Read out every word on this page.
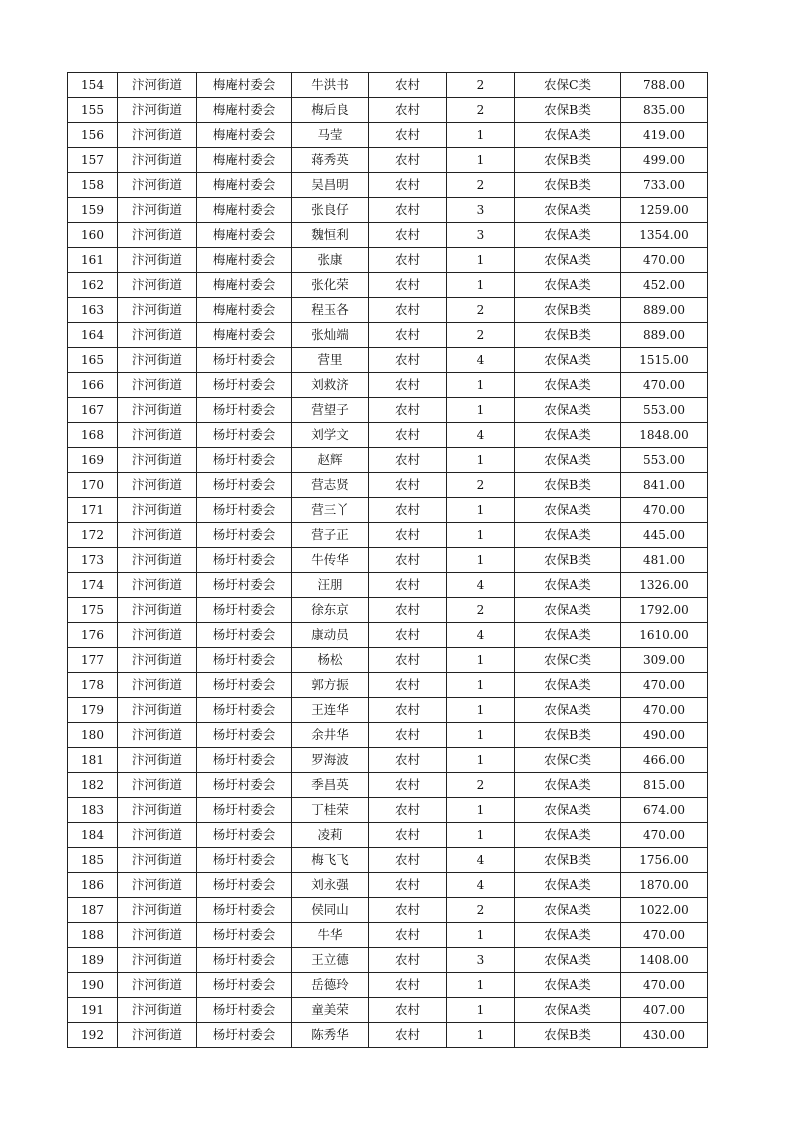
154	汴河街道	梅庵村委会	牛洪书	农村	2	农保C类	788.00
155	汴河街道	梅庵村委会	梅后良	农村	2	农保B类	835.00
156	汴河街道	梅庵村委会	马莹	农村	1	农保A类	419.00
157	汴河街道	梅庵村委会	蒋秀英	农村	1	农保B类	499.00
158	汴河街道	梅庵村委会	吴昌明	农村	2	农保B类	733.00
159	汴河街道	梅庵村委会	张良仔	农村	3	农保A类	1259.00
160	汴河街道	梅庵村委会	魏恒利	农村	3	农保A类	1354.00
161	汴河街道	梅庵村委会	张康	农村	1	农保A类	470.00
162	汴河街道	梅庵村委会	张化荣	农村	1	农保A类	452.00
163	汴河街道	梅庵村委会	程玉各	农村	2	农保B类	889.00
164	汴河街道	梅庵村委会	张灿端	农村	2	农保B类	889.00
165	汴河街道	杨圩村委会	营里	农村	4	农保A类	1515.00
166	汴河街道	杨圩村委会	刘救济	农村	1	农保A类	470.00
167	汴河街道	杨圩村委会	营望子	农村	1	农保A类	553.00
168	汴河街道	杨圩村委会	刘学文	农村	4	农保A类	1848.00
169	汴河街道	杨圩村委会	赵辉	农村	1	农保A类	553.00
170	汴河街道	杨圩村委会	营志贤	农村	2	农保B类	841.00
171	汴河街道	杨圩村委会	营三丫	农村	1	农保A类	470.00
172	汴河街道	杨圩村委会	营子正	农村	1	农保A类	445.00
173	汴河街道	杨圩村委会	牛传华	农村	1	农保B类	481.00
174	汴河街道	杨圩村委会	汪朋	农村	4	农保A类	1326.00
175	汴河街道	杨圩村委会	徐东京	农村	2	农保A类	1792.00
176	汴河街道	杨圩村委会	康动员	农村	4	农保A类	1610.00
177	汴河街道	杨圩村委会	杨松	农村	1	农保C类	309.00
178	汴河街道	杨圩村委会	郭方振	农村	1	农保A类	470.00
179	汴河街道	杨圩村委会	王连华	农村	1	农保A类	470.00
180	汴河街道	杨圩村委会	余井华	农村	1	农保B类	490.00
181	汴河街道	杨圩村委会	罗海波	农村	1	农保C类	466.00
182	汴河街道	杨圩村委会	季昌英	农村	2	农保A类	815.00
183	汴河街道	杨圩村委会	丁桂荣	农村	1	农保A类	674.00
184	汴河街道	杨圩村委会	凌莉	农村	1	农保A类	470.00
185	汴河街道	杨圩村委会	梅飞飞	农村	4	农保B类	1756.00
186	汴河街道	杨圩村委会	刘永强	农村	4	农保A类	1870.00
187	汴河街道	杨圩村委会	侯同山	农村	2	农保A类	1022.00
188	汴河街道	杨圩村委会	牛华	农村	1	农保A类	470.00
189	汴河街道	杨圩村委会	王立德	农村	3	农保A类	1408.00
190	汴河街道	杨圩村委会	岳德玲	农村	1	农保A类	470.00
191	汴河街道	杨圩村委会	童美荣	农村	1	农保A类	407.00
192	汴河街道	杨圩村委会	陈秀华	农村	1	农保B类	430.00
